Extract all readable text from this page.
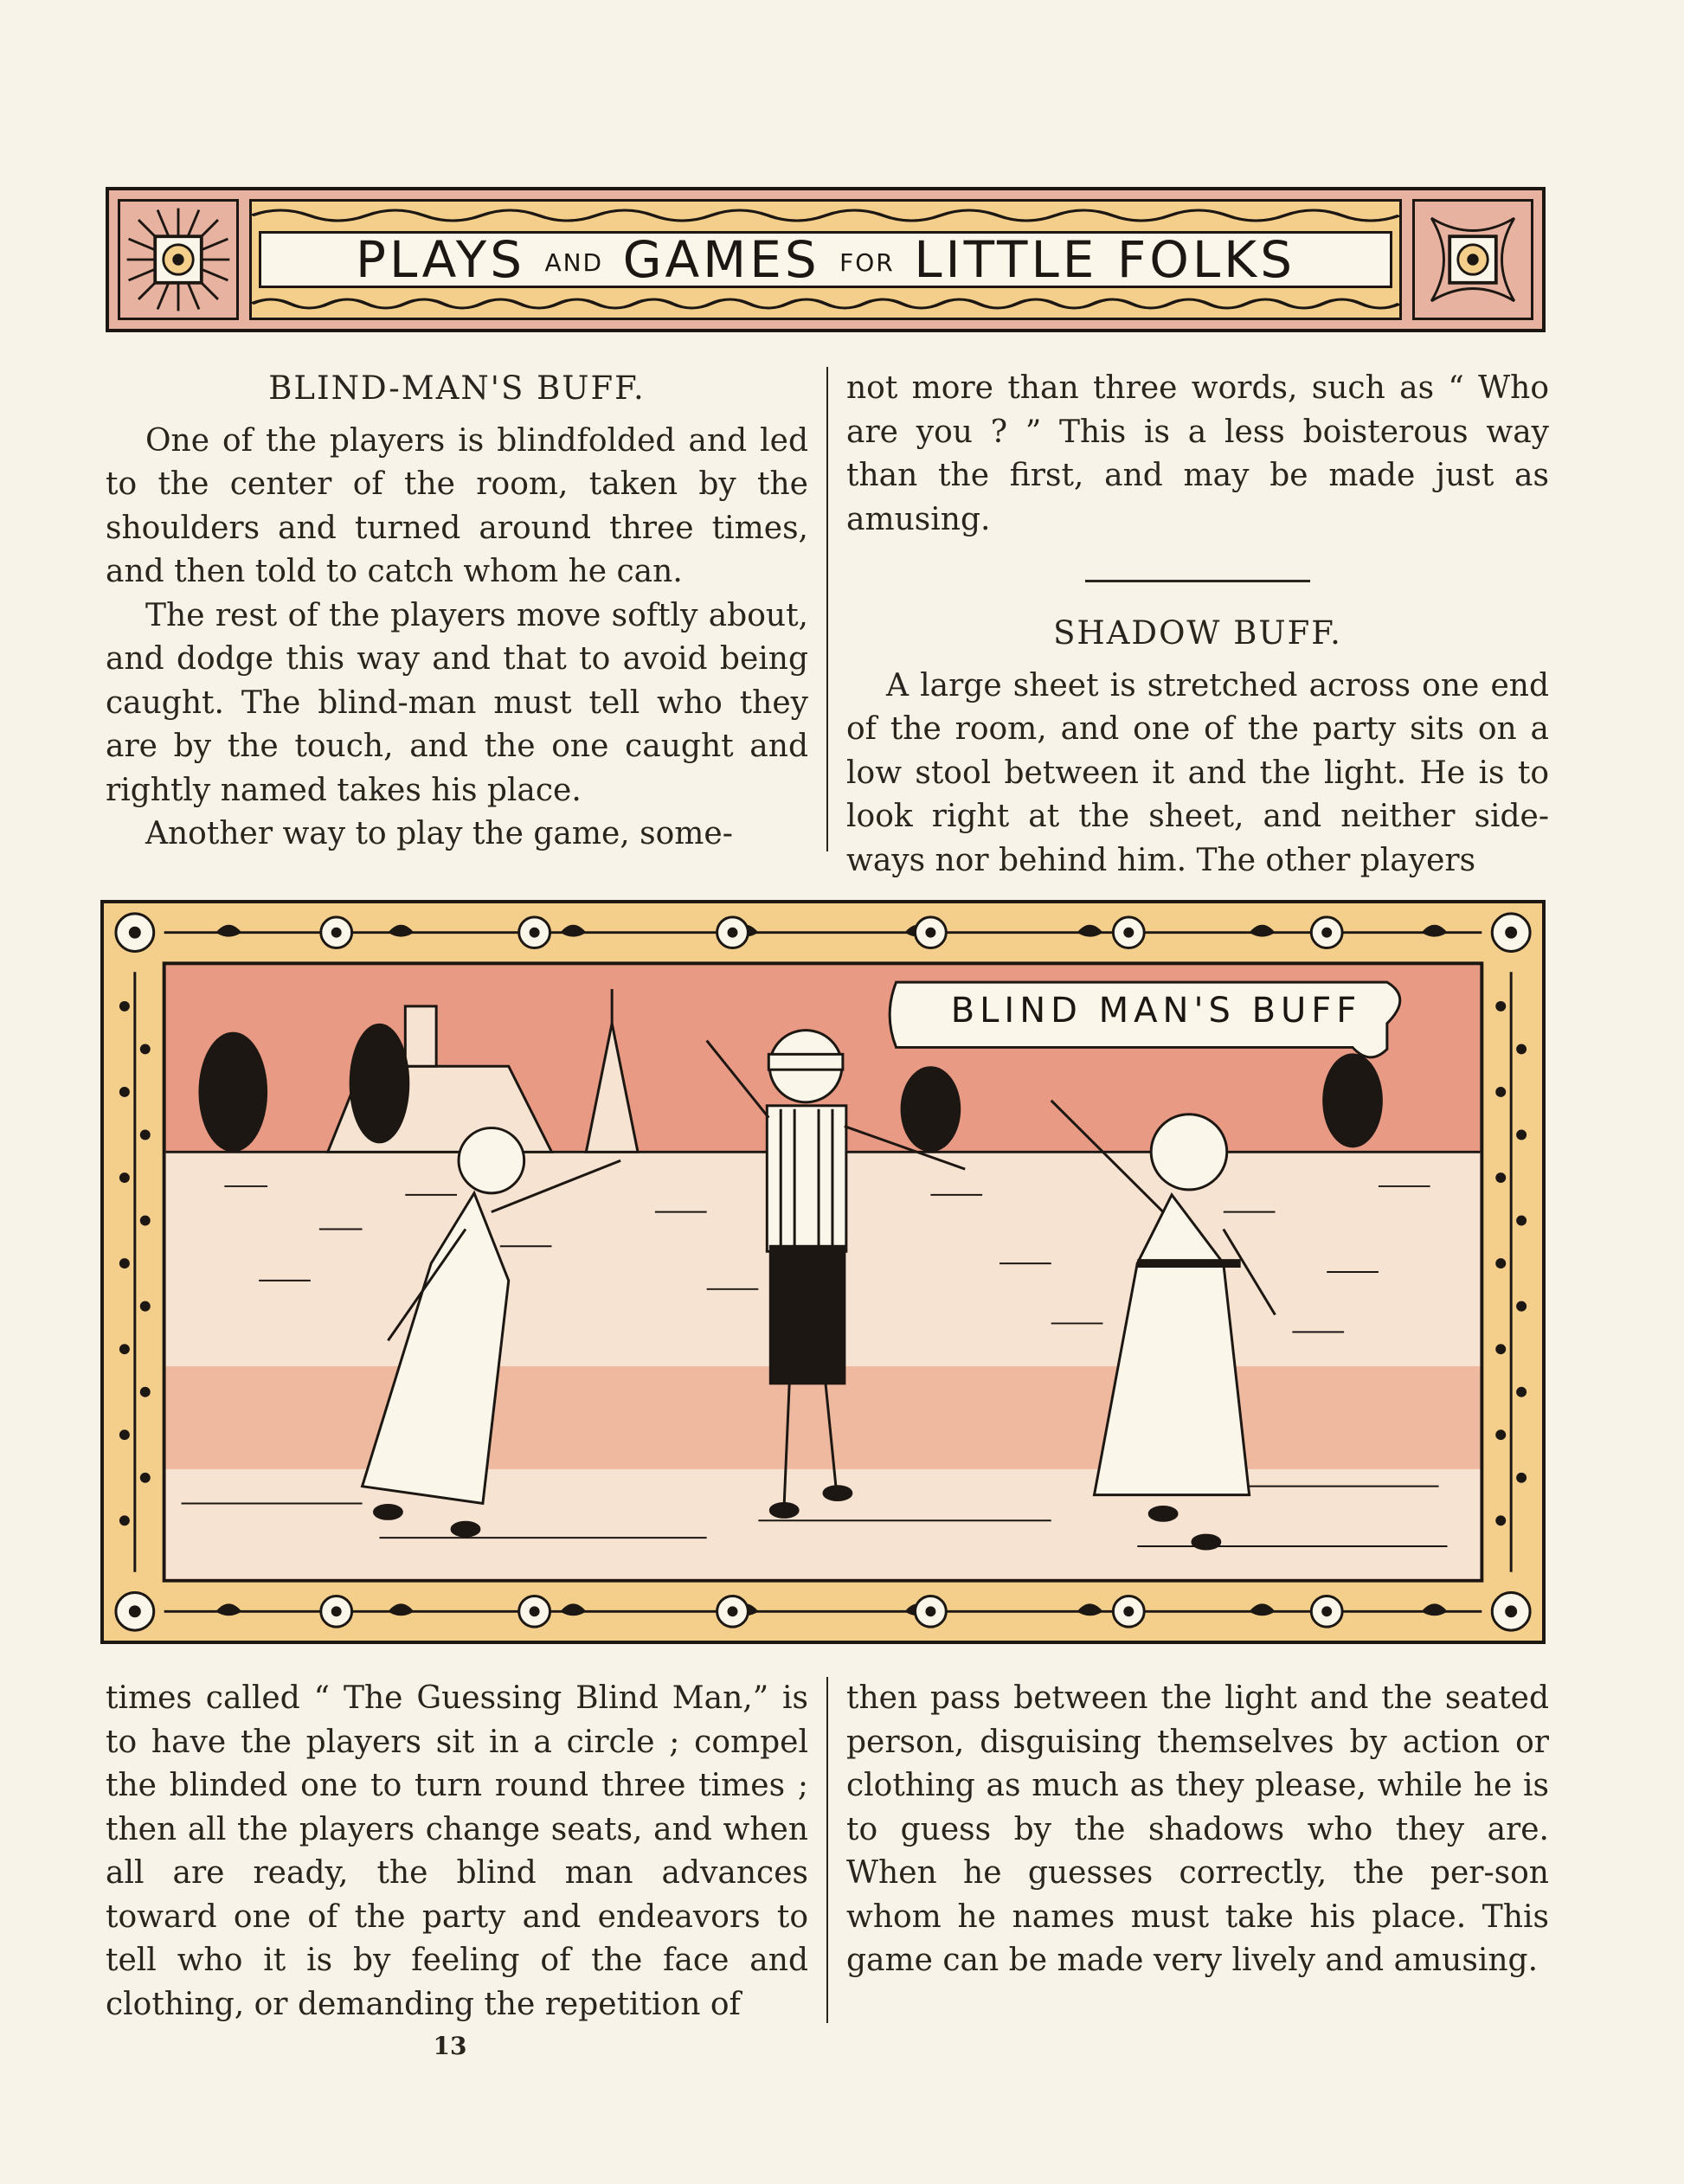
PLAYS AND GAMES FOR LITTLE FOLKS
BLIND-MAN'S BUFF.

One of the players is blindfolded and led to the center of the room, taken by the shoulders and turned around three times, and then told to catch whom he can.

The rest of the players move softly about, and dodge this way and that to avoid being caught. The blind-man must tell who they are by the touch, and the one caught and rightly named takes his place.

Another way to play the game, some-

not more than three words, such as “ Who are you ? ” This is a less boisterous way than the first, and may be made just as amusing.

SHADOW BUFF.

A large sheet is stretched across one end of the room, and one of the party sits on a low stool between it and the light. He is to look right at the sheet, and neither side-ways nor behind him. The other players

BLIND MAN'S BUFF

times called “ The Guessing Blind Man,” is to have the players sit in a circle ; compel the blinded one to turn round three times ; then all the players change seats, and when all are ready, the blind man advances toward one of the party and endeavors to tell who it is by feeling of the face and clothing, or demanding the repetition of

then pass between the light and the seated person, disguising themselves by action or clothing as much as they please, while he is to guess by the shadows who they are. When he guesses correctly, the per-son whom he names must take his place. This game can be made very lively and amusing.

13
